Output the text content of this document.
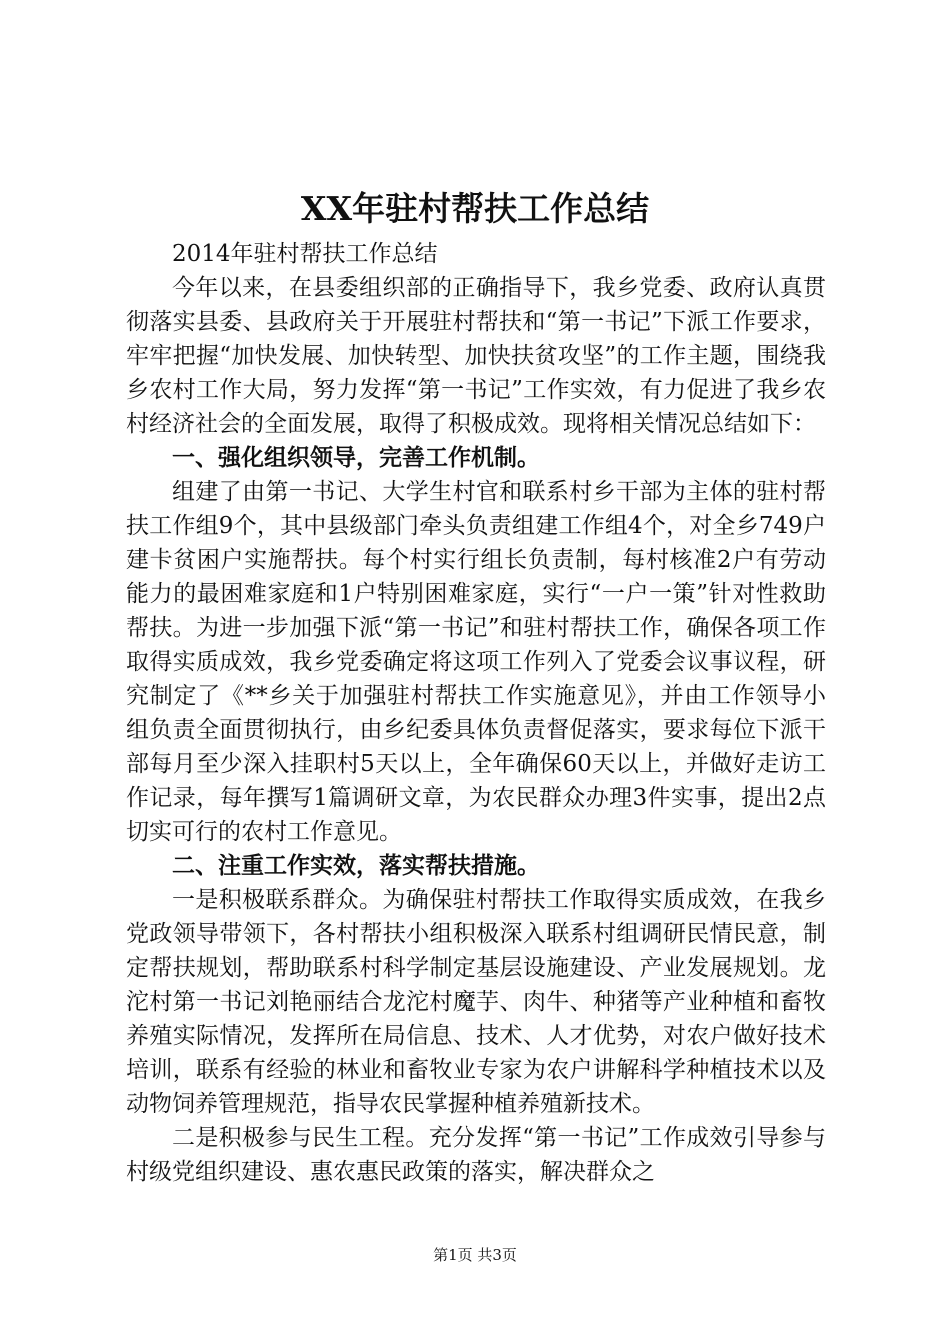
XX年驻村帮扶工作总结

2014年驻村帮扶工作总结

今年以来，在县委组织部的正确指导下，我乡党委、政府认真贯彻落实县委、县政府关于开展驻村帮扶和“第一书记”下派工作要求，牢牢把握“加快发展、加快转型、加快扶贫攻坚”的工作主题，围绕我乡农村工作大局，努力发挥“第一书记”工作实效，有力促进了我乡农村经济社会的全面发展，取得了积极成效。现将相关情况总结如下：

一、强化组织领导，完善工作机制。

组建了由第一书记、大学生村官和联系村乡干部为主体的驻村帮扶工作组9个，其中县级部门牵头负责组建工作组4个，对全乡749户建卡贫困户实施帮扶。每个村实行组长负责制，每村核准2户有劳动能力的最困难家庭和1户特别困难家庭，实行“一户一策”针对性救助帮扶。为进一步加强下派“第一书记”和驻村帮扶工作，确保各项工作取得实质成效，我乡党委确定将这项工作列入了党委会议事议程，研究制定了《**乡关于加强驻村帮扶工作实施意见》，并由工作领导小组负责全面贯彻执行，由乡纪委具体负责督促落实，要求每位下派干部每月至少深入挂职村5天以上，全年确保60天以上，并做好走访工作记录，每年撰写1篇调研文章，为农民群众办理3件实事，提出2点切实可行的农村工作意见。

二、注重工作实效，落实帮扶措施。

一是积极联系群众。为确保驻村帮扶工作取得实质成效，在我乡党政领导带领下，各村帮扶小组积极深入联系村组调研民情民意，制定帮扶规划，帮助联系村科学制定基层设施建设、产业发展规划。龙沱村第一书记刘艳丽结合龙沱村魔芋、肉牛、种猪等产业种植和畜牧养殖实际情况，发挥所在局信息、技术、人才优势，对农户做好技术培训，联系有经验的林业和畜牧业专家为农户讲解科学种植技术以及动物饲养管理规范，指导农民掌握种植养殖新技术。

二是积极参与民生工程。充分发挥“第一书记”工作成效引导参与村级党组织建设、惠农惠民政策的落实，解决群众之

第1页 共3页
